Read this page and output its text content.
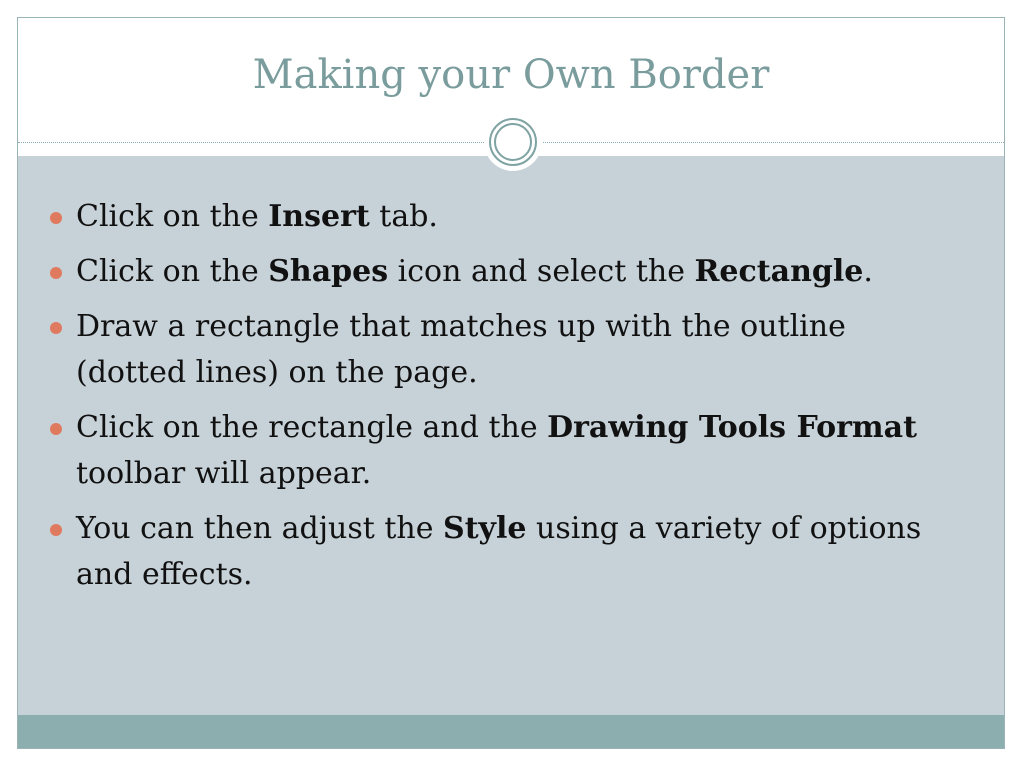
Making your Own Border
Click on the Insert tab.
Click on the Shapes icon and select the Rectangle.
Draw a rectangle that matches up with the outline (dotted lines) on the page.
Click on the rectangle and the Drawing Tools Format toolbar will appear.
You can then adjust the Style using a variety of options and effects.
